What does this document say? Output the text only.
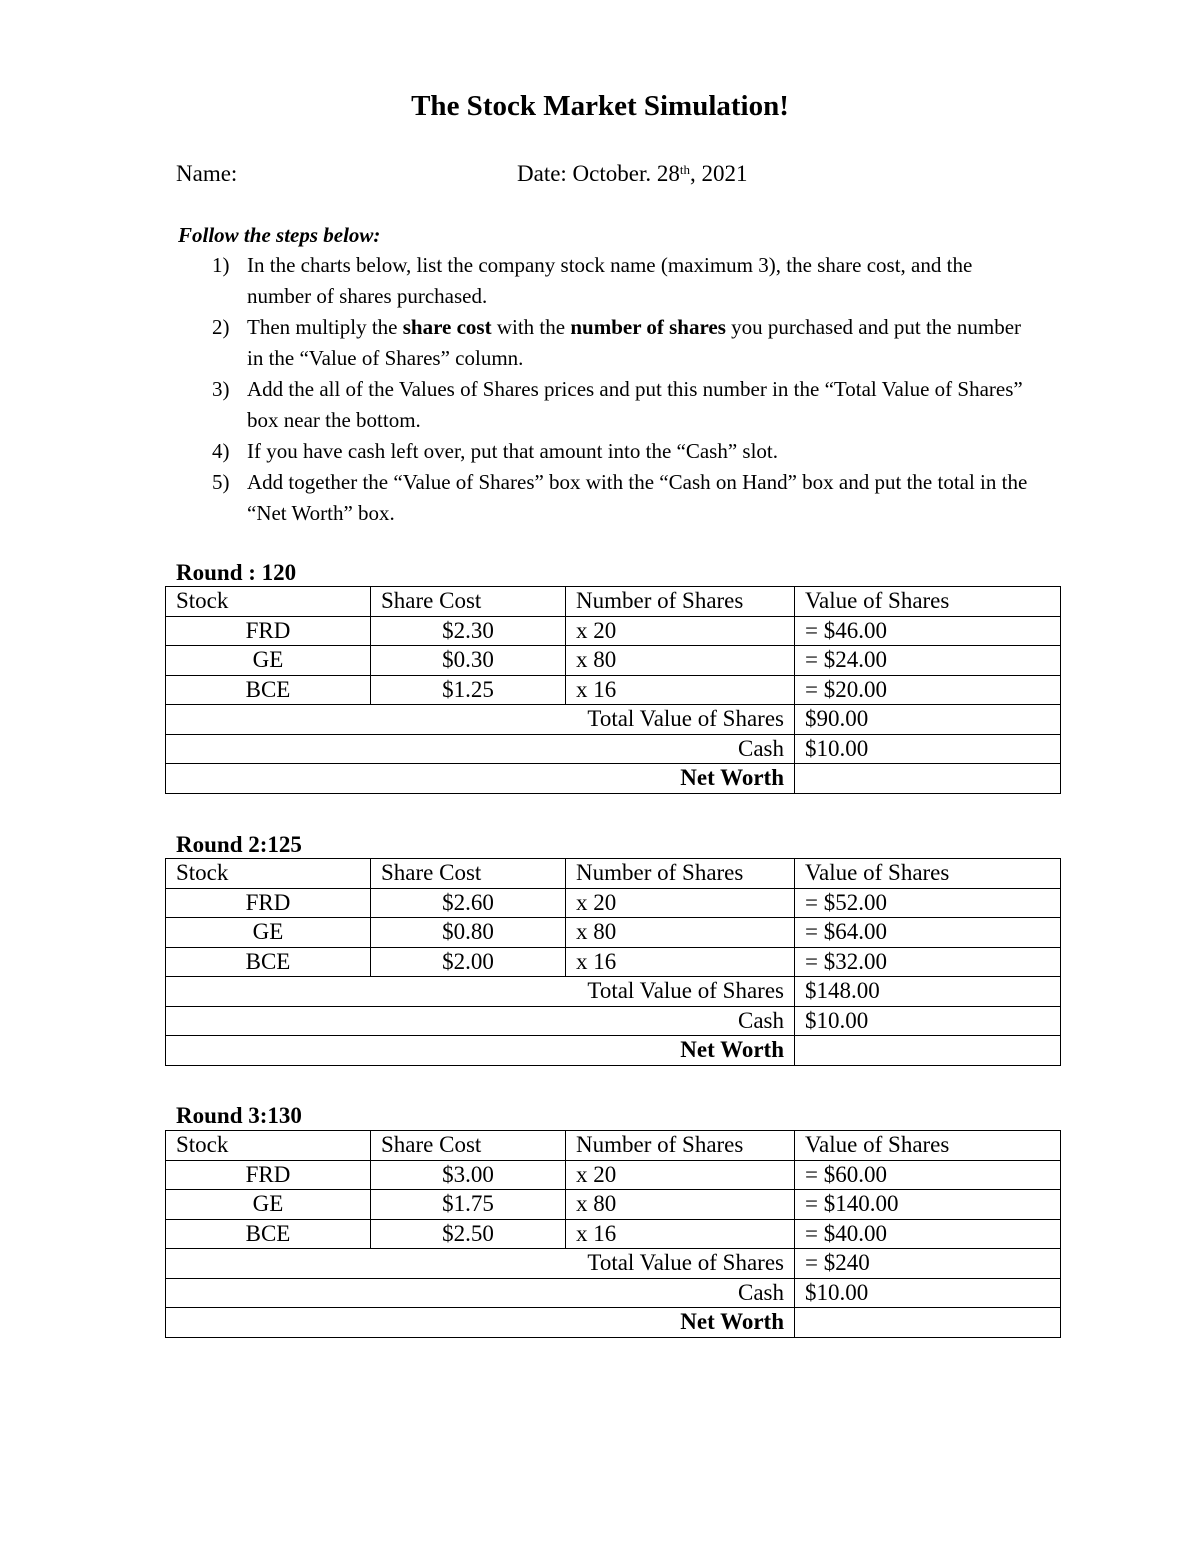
The Stock Market Simulation!
Name:	Date: October. 28th, 2021
Follow the steps below:
1) In the charts below, list the company stock name (maximum 3), the share cost, and the number of shares purchased.
2) Then multiply the share cost with the number of shares you purchased and put the number in the “Value of Shares” column.
3) Add the all of the Values of Shares prices and put this number in the “Total Value of Shares” box near the bottom.
4) If you have cash left over, put that amount into the “Cash” slot.
5) Add together the “Value of Shares” box with the “Cash on Hand” box and put the total in the “Net Worth” box.
Round : 120
Stock	Share Cost	Number of Shares	Value of Shares
FRD	$2.30	x 20	= $46.00
GE	$0.30	x 80	= $24.00
BCE	$1.25	x 16	= $20.00
Total Value of Shares			$90.00
Cash			$10.00
Net Worth			
Round 2:125
Stock	Share Cost	Number of Shares	Value of Shares
FRD	$2.60	x 20	= $52.00
GE	$0.80	x 80	= $64.00
BCE	$2.00	x 16	= $32.00
Total Value of Shares			$148.00
Cash			$10.00
Net Worth			
Round 3:130
Stock	Share Cost	Number of Shares	Value of Shares
FRD	$3.00	x 20	= $60.00
GE	$1.75	x 80	= $140.00
BCE	$2.50	x 16	= $40.00
Total Value of Shares			= $240
Cash			$10.00
Net Worth			
